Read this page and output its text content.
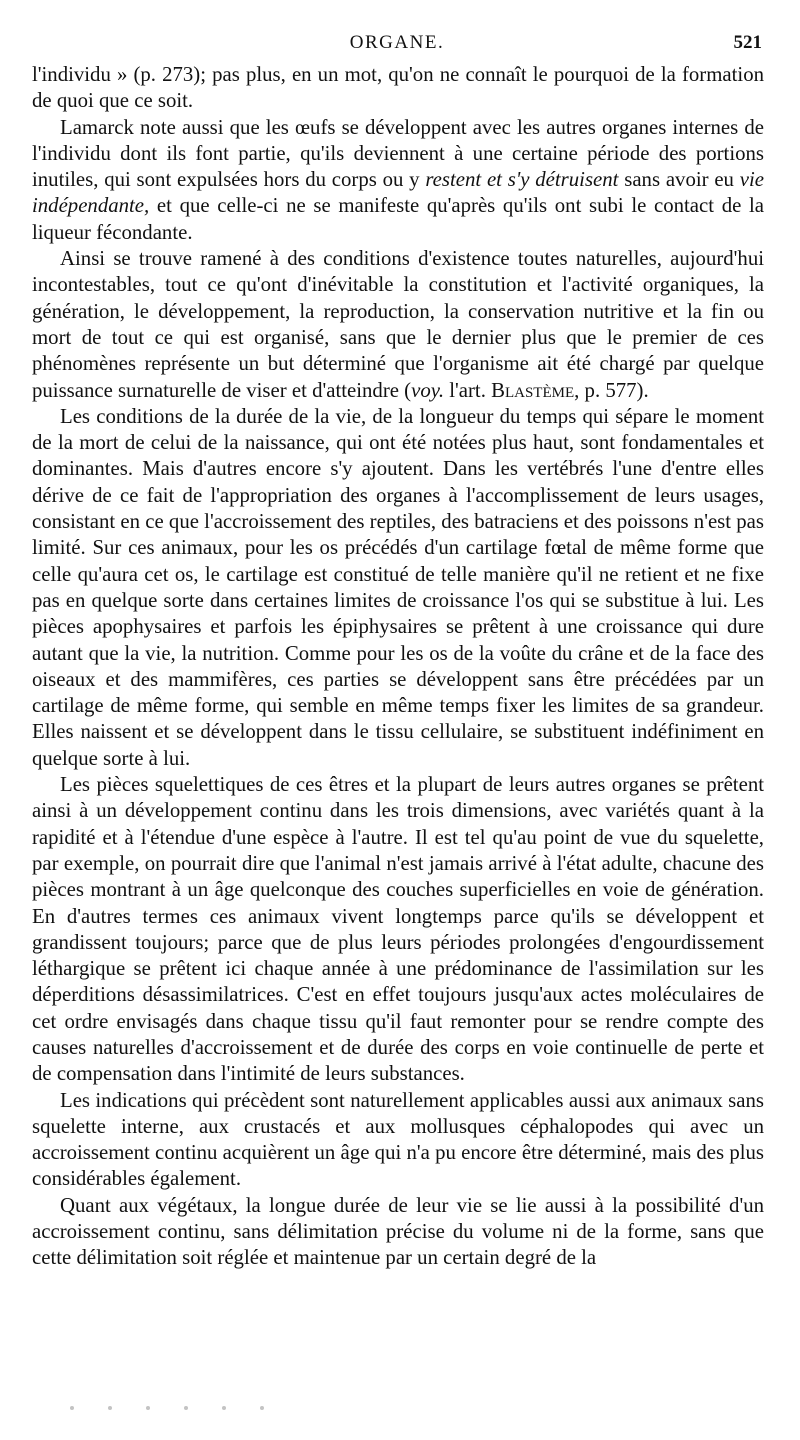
ORGANE.	521

l'individu » (p. 273); pas plus, en un mot, qu'on ne connaît le pourquoi de la formation de quoi que ce soit.

Lamarck note aussi que les œufs se développent avec les autres organes internes de l'individu dont ils font partie, qu'ils deviennent à une certaine période des portions inutiles, qui sont expulsées hors du corps ou y restent et s'y détruisent sans avoir eu vie indépendante, et que celle-ci ne se manifeste qu'après qu'ils ont subi le contact de la liqueur fécondante.

Ainsi se trouve ramené à des conditions d'existence toutes naturelles, aujourd'hui incontestables, tout ce qu'ont d'inévitable la constitution et l'activité organiques, la génération, le développement, la reproduction, la conservation nutritive et la fin ou mort de tout ce qui est organisé, sans que le dernier plus que le premier de ces phénomènes représente un but déterminé que l'organisme ait été chargé par quelque puissance surnaturelle de viser et d'atteindre (voy. l'art. Blastème, p. 577).

Les conditions de la durée de la vie, de la longueur du temps qui sépare le moment de la mort de celui de la naissance, qui ont été notées plus haut, sont fondamentales et dominantes. Mais d'autres encore s'y ajoutent. Dans les vertébrés l'une d'entre elles dérive de ce fait de l'appropriation des organes à l'accomplissement de leurs usages, consistant en ce que l'accroissement des reptiles, des batraciens et des poissons n'est pas limité. Sur ces animaux, pour les os précédés d'un cartilage fœtal de même forme que celle qu'aura cet os, le cartilage est constitué de telle manière qu'il ne retient et ne fixe pas en quelque sorte dans certaines limites de croissance l'os qui se substitue à lui. Les pièces apophysaires et parfois les épiphysaires se prêtent à une croissance qui dure autant que la vie, la nutrition. Comme pour les os de la voûte du crâne et de la face des oiseaux et des mammifères, ces parties se développent sans être précédées par un cartilage de même forme, qui semble en même temps fixer les limites de sa grandeur. Elles naissent et se développent dans le tissu cellulaire, se substituent indéfiniment en quelque sorte à lui.

Les pièces squelettiques de ces êtres et la plupart de leurs autres organes se prêtent ainsi à un développement continu dans les trois dimensions, avec variétés quant à la rapidité et à l'étendue d'une espèce à l'autre. Il est tel qu'au point de vue du squelette, par exemple, on pourrait dire que l'animal n'est jamais arrivé à l'état adulte, chacune des pièces montrant à un âge quelconque des couches superficielles en voie de génération. En d'autres termes ces animaux vivent longtemps parce qu'ils se développent et grandissent toujours; parce que de plus leurs périodes prolongées d'engourdissement léthargique se prêtent ici chaque année à une prédominance de l'assimilation sur les déperditions désassimilatrices. C'est en effet toujours jusqu'aux actes moléculaires de cet ordre envisagés dans chaque tissu qu'il faut remonter pour se rendre compte des causes naturelles d'accroissement et de durée des corps en voie continuelle de perte et de compensation dans l'intimité de leurs substances.

Les indications qui précèdent sont naturellement applicables aussi aux animaux sans squelette interne, aux crustacés et aux mollusques céphalopodes qui avec un accroissement continu acquièrent un âge qui n'a pu encore être déterminé, mais des plus considérables également.

Quant aux végétaux, la longue durée de leur vie se lie aussi à la possibilité d'un accroissement continu, sans délimitation précise du volume ni de la forme, sans que cette délimitation soit réglée et maintenue par un certain degré de la
